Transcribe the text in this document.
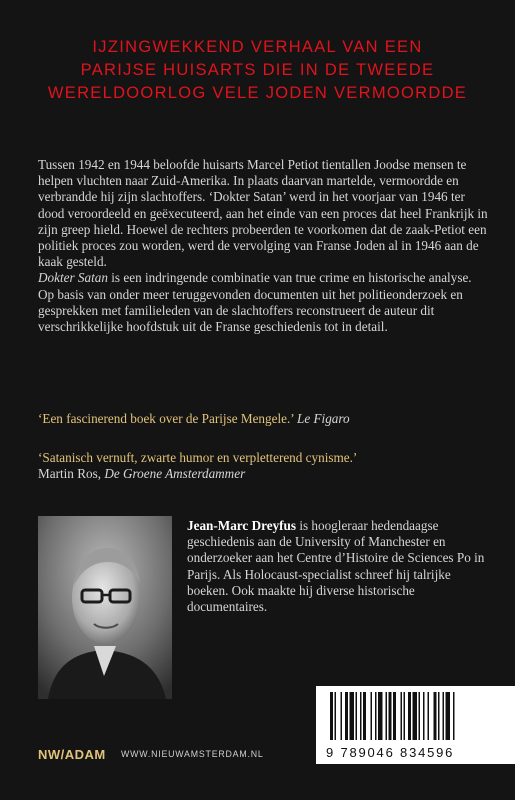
IJZINGWEKKEND VERHAAL VAN EEN
PARIJSE HUISARTS DIE IN DE TWEEDE
WERELDOORLOG VELE JODEN VERMOORDDE

Tussen 1942 en 1944 beloofde huisarts Marcel Petiot tientallen Joodse mensen te helpen vluchten naar Zuid-Amerika. In plaats daarvan martelde, vermoordde en verbrandde hij zijn slachtoffers. ‘Dokter Satan’ werd in het voorjaar van 1946 ter dood veroordeeld en geëxecuteerd, aan het einde van een proces dat heel Frankrijk in zijn greep hield. Hoewel de rechters probeerden te voorkomen dat de zaak-Petiot een politiek proces zou worden, werd de vervolging van Franse Joden al in 1946 aan de kaak gesteld.

Dokter Satan is een indringende combinatie van true crime en historische analyse. Op basis van onder meer teruggevonden documenten uit het politieonderzoek en gesprekken met familieleden van de slachtoffers reconstrueert de auteur dit verschrikkelijke hoofdstuk uit de Franse geschiedenis tot in detail.

‘Een fascinerend boek over de Parijse Mengele.’ Le Figaro
‘Satanisch vernuft, zwarte humor en verpletterend cynisme.’
Martin Ros, De Groene Amsterdammer
Jean-Marc Dreyfus is hoogleraar hedendaagse geschiedenis aan de University of Manchester en onderzoeker aan het Centre d’Histoire de Sciences Po in Parijs. Als Holocaust-specialist schreef hij talrijke boeken. Ook maakte hij diverse historische documentaires.
9 789046 834596
NW/ADAM WWW.NIEUWAMSTERDAM.NL
